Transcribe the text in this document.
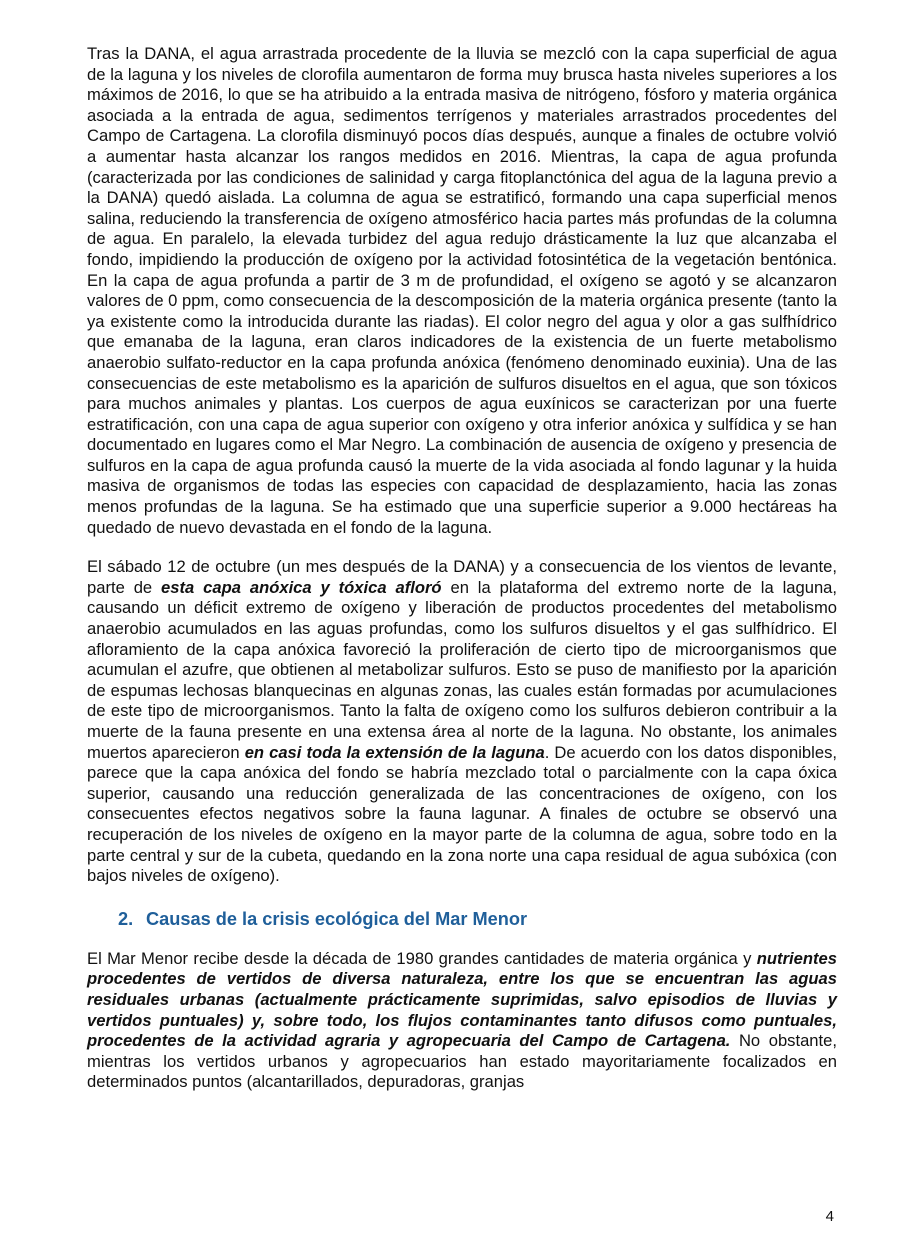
Tras la DANA, el agua arrastrada procedente de la lluvia se mezcló con la capa superficial de agua de la laguna y los niveles de clorofila aumentaron de forma muy brusca hasta niveles superiores a los máximos de 2016, lo que se ha atribuido a la entrada masiva de nitrógeno, fósforo y materia orgánica asociada a la entrada de agua, sedimentos terrígenos y materiales arrastrados procedentes del Campo de Cartagena. La clorofila disminuyó pocos días después, aunque a finales de octubre volvió a aumentar hasta alcanzar los rangos medidos en 2016. Mientras, la capa de agua profunda (caracterizada por las condiciones de salinidad y carga fitoplanctónica del agua de la laguna previo a la DANA) quedó aislada. La columna de agua se estratificó, formando una capa superficial menos salina, reduciendo la transferencia de oxígeno atmosférico hacia partes más profundas de la columna de agua. En paralelo, la elevada turbidez del agua redujo drásticamente la luz que alcanzaba el fondo, impidiendo la producción de oxígeno por la actividad fotosintética de la vegetación bentónica. En la capa de agua profunda a partir de 3 m de profundidad, el oxígeno se agotó y se alcanzaron valores de 0 ppm, como consecuencia de la descomposición de la materia orgánica presente (tanto la ya existente como la introducida durante las riadas). El color negro del agua y olor a gas sulfhídrico que emanaba de la laguna, eran claros indicadores de la existencia de un fuerte metabolismo anaerobio sulfato-reductor en la capa profunda anóxica (fenómeno denominado euxinia). Una de las consecuencias de este metabolismo es la aparición de sulfuros disueltos en el agua, que son tóxicos para muchos animales y plantas. Los cuerpos de agua euxínicos se caracterizan por una fuerte estratificación, con una capa de agua superior con oxígeno y otra inferior anóxica y sulfídica y se han documentado en lugares como el Mar Negro. La combinación de ausencia de oxígeno y presencia de sulfuros en la capa de agua profunda causó la muerte de la vida asociada al fondo lagunar y la huida masiva de organismos de todas las especies con capacidad de desplazamiento, hacia las zonas menos profundas de la laguna. Se ha estimado que una superficie superior a 9.000 hectáreas ha quedado de nuevo devastada en el fondo de la laguna.

El sábado 12 de octubre (un mes después de la DANA) y a consecuencia de los vientos de levante, parte de esta capa anóxica y tóxica afloró en la plataforma del extremo norte de la laguna, causando un déficit extremo de oxígeno y liberación de productos procedentes del metabolismo anaerobio acumulados en las aguas profundas, como los sulfuros disueltos y el gas sulfhídrico. El afloramiento de la capa anóxica favoreció la proliferación de cierto tipo de microorganismos que acumulan el azufre, que obtienen al metabolizar sulfuros. Esto se puso de manifiesto por la aparición de espumas lechosas blanquecinas en algunas zonas, las cuales están formadas por acumulaciones de este tipo de microorganismos. Tanto la falta de oxígeno como los sulfuros debieron contribuir a la muerte de la fauna presente en una extensa área al norte de la laguna. No obstante, los animales muertos aparecieron en casi toda la extensión de la laguna. De acuerdo con los datos disponibles, parece que la capa anóxica del fondo se habría mezclado total o parcialmente con la capa óxica superior, causando una reducción generalizada de las concentraciones de oxígeno, con los consecuentes efectos negativos sobre la fauna lagunar. A finales de octubre se observó una recuperación de los niveles de oxígeno en la mayor parte de la columna de agua, sobre todo en la parte central y sur de la cubeta, quedando en la zona norte una capa residual de agua subóxica (con bajos niveles de oxígeno).

2. Causas de la crisis ecológica del Mar Menor

El Mar Menor recibe desde la década de 1980 grandes cantidades de materia orgánica y nutrientes procedentes de vertidos de diversa naturaleza, entre los que se encuentran las aguas residuales urbanas (actualmente prácticamente suprimidas, salvo episodios de lluvias y vertidos puntuales) y, sobre todo, los flujos contaminantes tanto difusos como puntuales, procedentes de la actividad agraria y agropecuaria del Campo de Cartagena. No obstante, mientras los vertidos urbanos y agropecuarios han estado mayoritariamente focalizados en determinados puntos (alcantarillados, depuradoras, granjas

4
